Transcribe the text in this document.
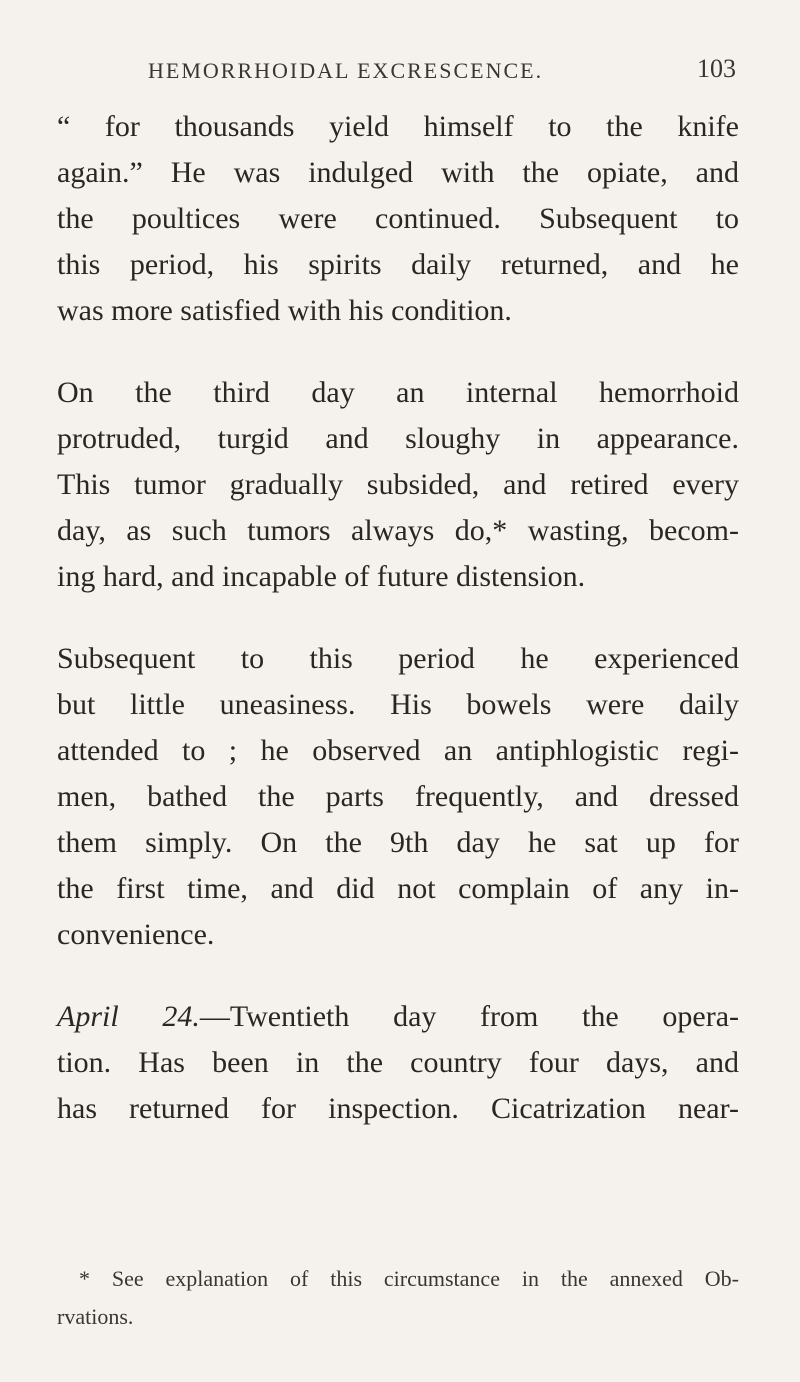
HEMORRHOIDAL EXCRESCENCE.	103
“ for thousands yield himself to the knife
again.” He was indulged with the opiate, and
the poultices were continued. Subsequent to
this period, his spirits daily returned, and he
was more satisfied with his condition.
On the third day an internal hemorrhoid
protruded, turgid and sloughy in appearance.
This tumor gradually subsided, and retired every
day, as such tumors always do,* wasting, becom-
ing hard, and incapable of future distension.
Subsequent to this period he experienced
but little uneasiness. His bowels were daily
attended to ; he observed an antiphlogistic regi-
men, bathed the parts frequently, and dressed
them simply. On the 9th day he sat up for
the first time, and did not complain of any in-
convenience.
April 24.—Twentieth day from the opera-
tion. Has been in the country four days, and
has returned for inspection. Cicatrization near-
* See explanation of this circumstance in the annexed Ob-
rvations.
